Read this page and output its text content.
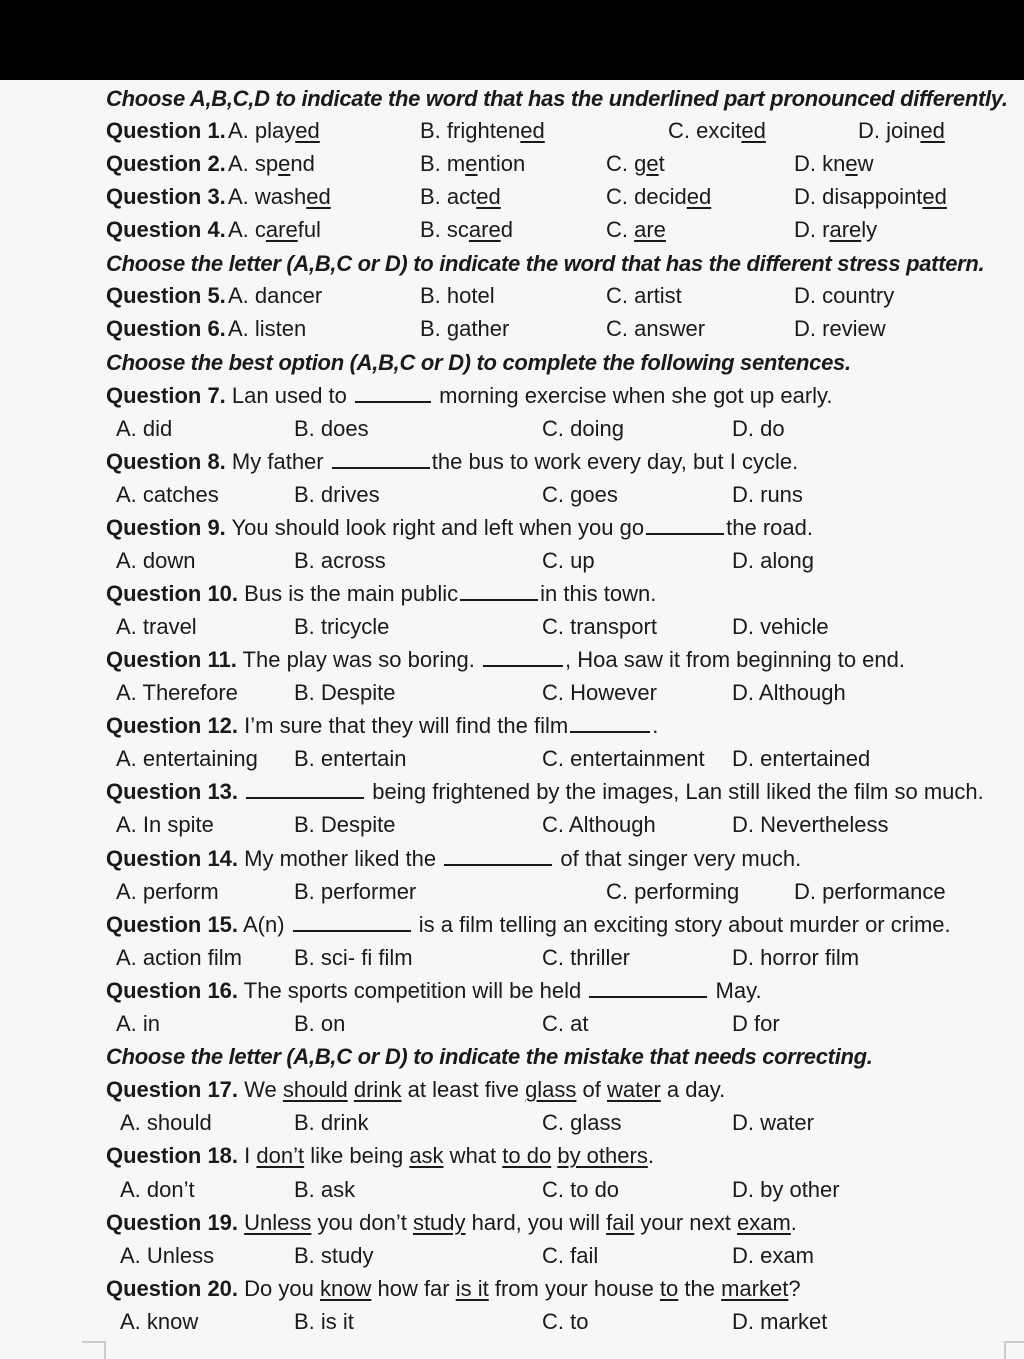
Choose A,B,C,D to indicate the word that has the underlined part pronounced differently.
Question 1. A. played	B. frightened	C. excited	D. joined
Question 2. A. spend	B. mention	C. get	D. knew
Question 3. A. washed	B. acted	C. decided	D. disappointed
Question 4. A. careful	B. scared	C. are	D. rarely
Choose the letter (A,B,C or D) to indicate the word that has the different stress pattern.
Question 5. A. dancer	B. hotel	C. artist	D. country
Question 6. A. listen	B. gather	C. answer	D. review
Choose the best option (A,B,C or D) to complete the following sentences.
Question 7. Lan used to	morning exercise when she got up early.
A. did	B. does	C. doing	D. do
Question 8. My father	the bus to work every day, but I cycle.
A. catches	B. drives	C. goes	D. runs
Question 9. You should look right and left when you go	the road.
A. down	B. across	C. up	D. along
Question 10. Bus is the main public	in this town.
A. travel	B. tricycle	C. transport	D. vehicle
Question 11. The play was so boring.	, Hoa saw it from beginning to end.
A. Therefore	B. Despite	C. However	D. Although
Question 12. I’m sure that they will find the film	.
A. entertaining B. entertain	C. entertainment D. entertained
Question 13.	being frightened by the images, Lan still liked the film so much.
A. In spite	B. Despite	C. Although	D. Nevertheless
Question 14. My mother liked the	of that singer very much.
A. perform	B. performer	C. performing D. performance
Question 15. A(n)	is a film telling an exciting story about murder or crime.
A. action film B. sci- fi film	C. thriller	D. horror film
Question 16. The sports competition will be held	May.
A. in	B. on	C. at	D for
Choose the letter (A,B,C or D) to indicate the mistake that needs correcting.
Question 17. We should drink at least five glass of water a day.
A. should	B. drink	C. glass	D. water
Question 18. I don’t like being ask what to do by others.
A. don’t	B. ask	C. to do	D. by other
Question 19. Unless you don’t study hard, you will fail your next exam.
A. Unless	B. study	C. fail	D. exam
Question 20. Do you know how far is it from your house to the market?
A. know	B. is it	C. to	D. market
